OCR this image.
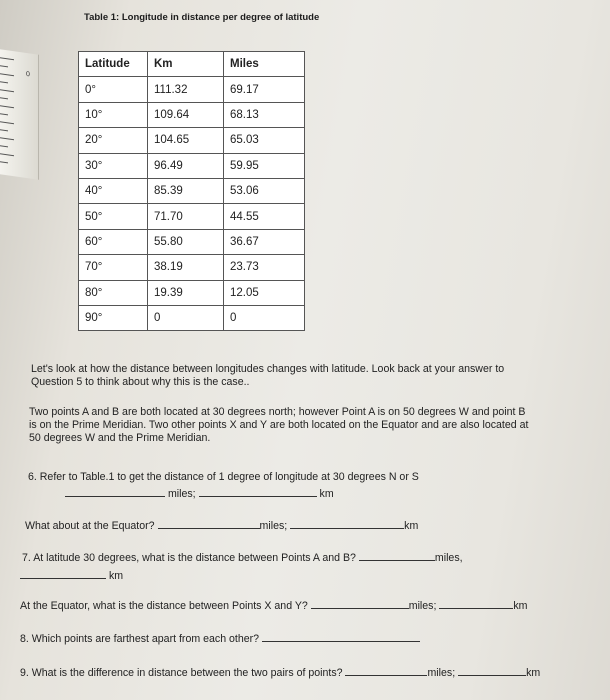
0
Table 1: Longitude in distance per degree of latitude
Latitude	Km	Miles
0°	111.32	69.17
10°	109.64	68.13
20°	104.65	65.03
30°	96.49	59.95
40°	85.39	53.06
50°	71.70	44.55
60°	55.80	36.67
70°	38.19	23.73
80°	19.39	12.05
90°	0	0
Let's look at how the distance between longitudes changes with latitude. Look back at your answer to
Question 5 to think about why this is the case..
Two points A and B are both located at 30 degrees north; however Point A is on 50 degrees W and point B
is on the Prime Meridian. Two other points X and Y are both located on the Equator and are also located at
50 degrees W and the Prime Meridian.
6. Refer to Table.1 to get the distance of 1 degree of longitude at 30 degrees N or S
miles;	km
What about at the Equator?	miles;	km
7. At latitude 30 degrees, what is the distance between Points A and B?	miles,
km
At the Equator, what is the distance between Points X and Y?	miles;	km
8. Which points are farthest apart from each other?
9. What is the difference in distance between the two pairs of points?	miles;	km
